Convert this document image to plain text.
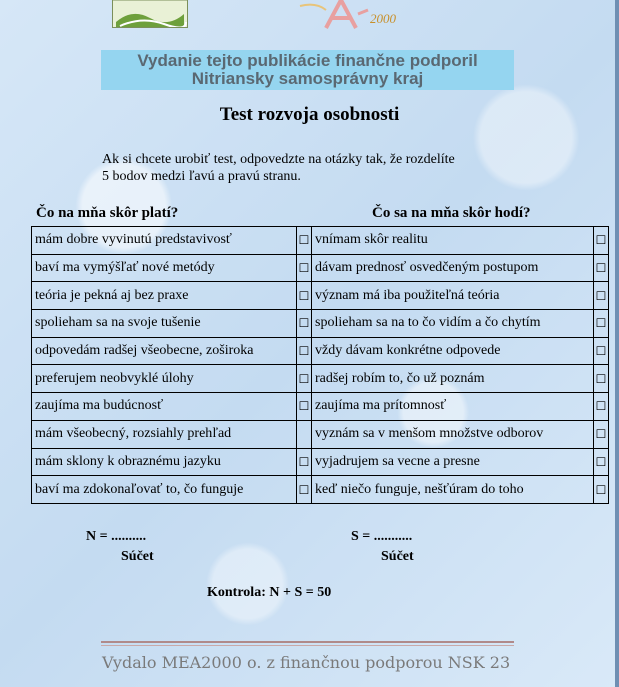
2000
Vydanie tejto publikácie finančne podporil
Nitriansky samosprávny kraj
Test rozvoja osobnosti
Ak si chcete urobiť test, odpovedzte na otázky tak, že rozdelíte
5 bodov medzi ľavú a pravú stranu.
Čo na mňa skôr platí?	Čo sa na mňa skôr hodí?
mám dobre vyvinutú predstavivosť	☐	vnímam skôr realitu	☐
baví ma vymýšľať nové metódy	☐	dávam prednosť osvedčeným postupom	☐
teória je pekná aj bez praxe	☐	význam má iba použiteľná teória	☐
spolieham sa na svoje tušenie	☐	spolieham sa na to čo vidím a čo chytím	☐
odpovedám radšej všeobecne, zoširoka	☐	vždy dávam konkrétne odpovede	☐
preferujem neobvyklé úlohy	☐	radšej robím to, čo už poznám	☐
zaujíma ma budúcnosť	☐	zaujíma ma prítomnosť	☐
mám všeobecný, rozsiahly prehľad		vyznám sa v menšom množstve odborov	☐
mám sklony k obraznému jazyku	☐	vyjadrujem sa vecne a presne	☐
baví ma zdokonaľovať to, čo funguje	☐	keď niečo funguje, nešťúram do toho	☐
N = ..........
Súčet
S = ...........
Súčet
Kontrola: N + S = 50
Vydalo MEA2000 o. z finančnou podporou NSK 23
